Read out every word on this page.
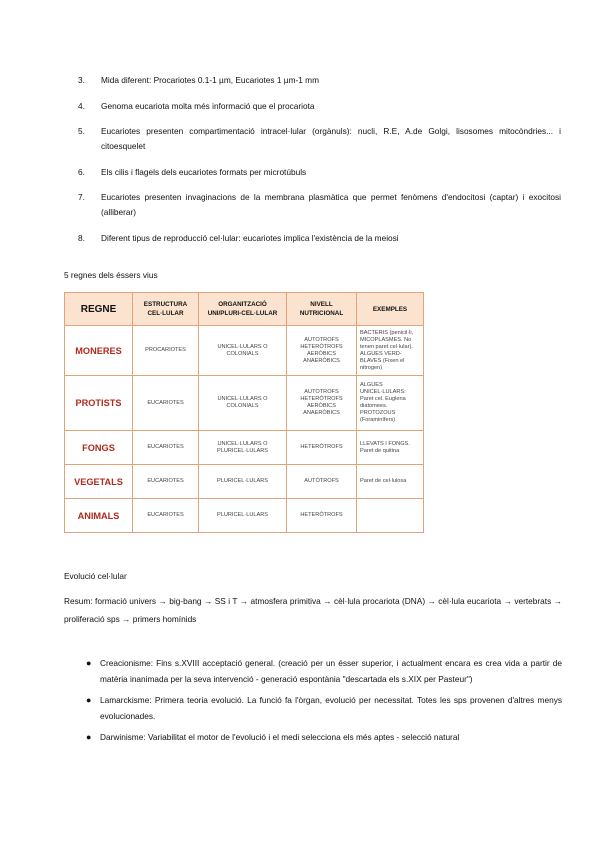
3.	Mida diferent: Procariotes 0.1-1 µm, Eucariotes 1 µm-1 mm
4.	Genoma eucariota molta més informació que el procariota
5.	Eucariotes presenten compartimentació intracel·lular (orgànuls): nucli, R.E, A.de Golgi, lisosomes mitocòndries... i citoesquelet
6.	Els cilis i flagels dels eucariotes formats per microtúbuls
7.	Eucariotes presenten invaginacions de la membrana plasmàtica que permet fenòmens d'endocitosi (captar) i exocitosi (alliberar)
8.	Diferent tipus de reproducció cel·lular: eucariotes implica l'existència de la meiosi
5 regnes dels éssers vius
REGNE	ESTRUCTURA CEL·LULAR	ORGANITZACIÓ UNI/PLURI-CEL·LULAR	NIVELL NUTRICIONAL	EXEMPLES
MONERES	PROCARIOTES	UNICEL·LULARS O COLONIALS	AUTOTROFS HETERÒTROFS AERÒBICS ANAERÒBICS	BACTERIS (penicil·li, MICOPLASMES. No tenen paret cel·lular). ALGUES VERD-BLAVES (Fixen el nitrogen)
PROTISTS	EUCARIOTES	UNICEL·LULARS O COLONIALS	AUTOTROFS HETERÒTROFS AERÒBICS ANAERÒBICS	ALGUES UNICEL·LULARS: Paret cel. Euglena diatomees. PROTOZOUS (Foraminífers)
FONGS	EUCARIOTES	UNICEL·LULARS O PLURICEL·LULARS	HETERÒTROFS	LLEVATS I FONGS. Paret de quitina
VEGETALS	EUCARIOTES	PLURICEL·LULARS	AUTÒTROFS	Paret de cel·lulosa
ANIMALS	EUCARIOTES	PLURICEL·LULARS	HETERÒTROFS	
Evolució cel·lular
Resum: formació univers → big-bang → SS i T → atmosfera primitiva → cèl·lula procariota (DNA) → cèl·lula eucariota → vertebrats → proliferació sps → primers homínids
●	Creacionisme: Fins s.XVIII acceptació general. (creació per un ésser superior, i actualment encara es crea vida a partir de matèria inanimada per la seva intervenció - generació espontània "descartada els s.XIX per Pasteur")
●	Lamarckisme: Primera teoria evolució. La funció fa l'òrgan, evolució per necessitat. Totes les sps provenen d'altres menys evolucionades.
●	Darwinisme: Variabilitat el motor de l'evolució i el medi selecciona els més aptes - selecció natural
